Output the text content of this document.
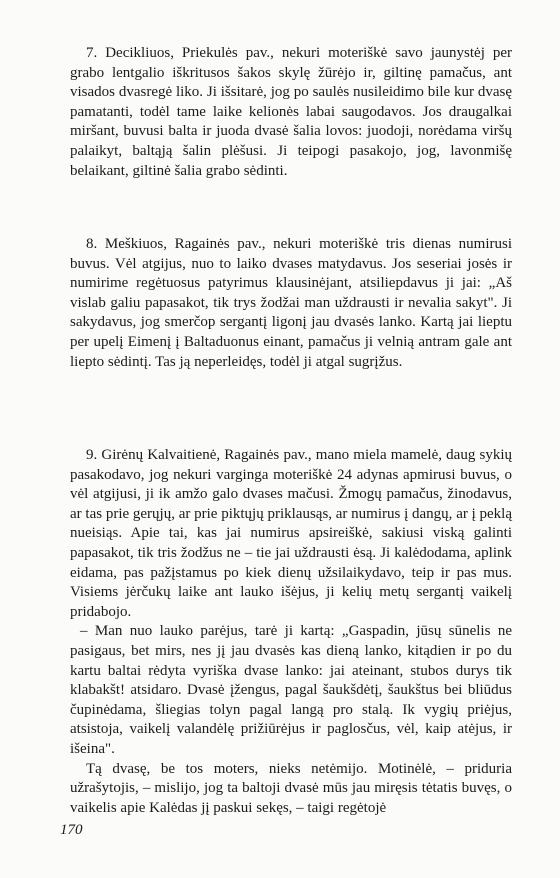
7. Decikliuos, Priekulės pav., nekuri moteriškė savo jaunystėj per grabo lentgalio iškritusos šakos skylę žūrėjo ir, giltinę pamačus, ant visados dvasregė liko. Ji išsitarė, jog po saulės nusileidimo bile kur dvasę pamatanti, todėl tame laike kelionės labai saugodavos. Jos draugalkai miršant, buvusi balta ir juoda dvasė šalia lovos: juodoji, norėdama viršų palaikyt, baltąją šalin plėšusi. Ji teipogi pasakojo, jog, lavonmišę belaikant, giltinė šalia grabo sėdinti.

8. Meškiuos, Ragainės pav., nekuri moteriškė tris dienas numirusi buvus. Vėl atgijus, nuo to laiko dvases matydavus. Jos seseriai josės ir numirime regėtuosus patyrimus klausinėjant, atsiliepdavus ji jai: „Aš vislab galiu papasakot, tik trys žodžai man uždrausti ir nevalia sakyt". Ji sakydavus, jog smerčop sergantį ligonį jau dvasės lanko. Kartą jai lieptu per upelį Eimenį į Baltaduonus einant, pamačus ji velnią antram gale ant liepto sėdintį. Tas ją neperleidęs, todėl ji atgal sugrįžus.

9. Girėnų Kalvaitienė, Ragainės pav., mano miela mamelė, daug sykių pasakodavo, jog nekuri vargingа moteriškė 24 adynas apmirusi buvus, o vėl atgijusi, ji ik amžo galo dvases mačusi. Žmogų pamačus, žinodavus, ar tas prie gerųjų, ar prie piktųjų priklausąs, ar numirus į dangų, ar į peklą nueisiąs. Apie tai, kas jai numirus apsireiškė, sakiusi viską galinti papasakot, tik tris žodžus ne – tie jai uždrausti ėsą. Ji kalėdodama, aplink eidama, pas pažįstamus po kiek dienų užsilaikydavo, teip ir pas mus. Visiems jėrčukų laike ant lauko išėjus, ji kelių metų sergantį vaikelį pridabojo.

– Man nuo lauko parėjus, tarė ji kartą: „Gaspadin, jūsų sūnelis ne pasigaus, bet mirs, nes jį jau dvasės kas dieną lanko, kitądien ir po du kartu baltai rėdyta vyriška dvase lanko: jai ateinant, stubos durys tik klabakšt! atsidaro. Dvasė įžengus, pagal šaukšdėtį, šaukštus bei bliūdus čupinėdama, šliegias tolyn pagal langą pro stalą. Ik vygių priėjus, atsistoja, vaikelį valandėlę prižiūrėjus ir paglosčus, vėl, kaip atėjus, ir išeina".

Tą dvasę, be tos moters, nieks netėmijo. Motinėlė, – priduria užrašytojis, – mislijo, jog ta baltoji dvasė mūs jau miręsis tėtatis buvęs, o vaikelis apie Kalėdas jį paskui sekęs, – taigi regėtojė

170
